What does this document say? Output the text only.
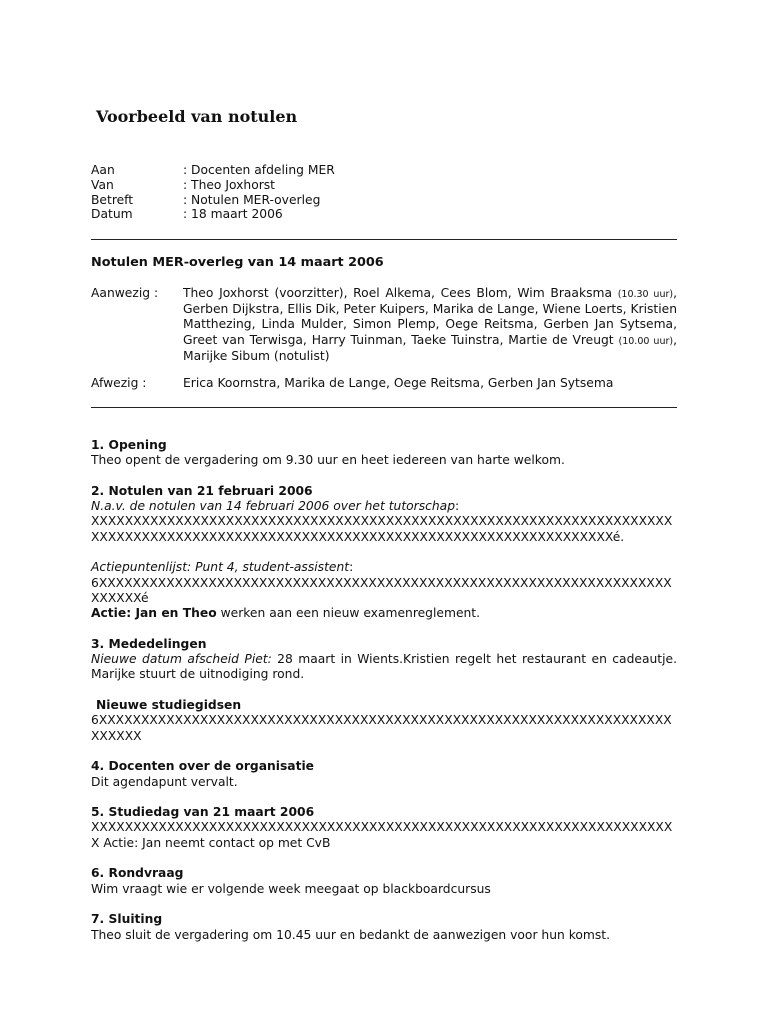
Voorbeeld van notulen
Aan	: Docenten afdeling MER
Van	: Theo Joxhorst
Betreft	: Notulen MER-overleg
Datum	: 18 maart 2006
Notulen MER-overleg van 14 maart 2006
Aanwezig :	Theo Joxhorst (voorzitter), Roel Alkema, Cees Blom, Wim Braaksma (10.30 uur), Gerben Dijkstra, Ellis Dik, Peter Kuipers, Marika de Lange, Wiene Loerts, Kristien Matthezing, Linda Mulder, Simon Plemp, Oege Reitsma, Gerben Jan Sytsema, Greet van Terwisga, Harry Tuinman, Taeke Tuinstra, Martie de Vreugt (10.00 uur), Marijke Sibum (notulist)
Afwezig :	Erica Koornstra, Marika de Lange, Oege Reitsma, Gerben Jan Sytsema

1. Opening

Theo opent de vergadering om 9.30 uur en heet iedereen van harte welkom.

2. Notulen van 21 februari 2006

N.a.v. de notulen van 14 februari 2006 over het tutorschap:

XXXXXXXXXXXXXXXXXXXXXXXXXXXXXXXXXXXXXXXXXXXXXXXXXXXXXXXXXXXXXXXXXXXXXXXXXXXXXXXXXXXXXXXXXXXXXXXXXXXXXXXXXXXXXXXXXXXXXXXXXXXXXXXXXXXé.

Actiepuntenlijst: Punt 4, student-assistent:

6XXXXXXXXXXXXXXXXXXXXXXXXXXXXXXXXXXXXXXXXXXXXXXXXXXXXXXXXXXXXXXXXXXXXXXXXXXé

Actie: Jan en Theo werken aan een nieuw examenreglement.

3. Mededelingen

Nieuwe datum afscheid Piet: 28 maart in Wients.Kristien regelt het restaurant en cadeautje. Marijke stuurt de uitnodiging rond.

Nieuwe studiegidsen

6XXXXXXXXXXXXXXXXXXXXXXXXXXXXXXXXXXXXXXXXXXXXXXXXXXXXXXXXXXXXXXXXXXXXXXXXXX

4. Docenten over de organisatie

Dit agendapunt vervalt.

5. Studiedag van 21 maart 2006

XXXXXXXXXXXXXXXXXXXXXXXXXXXXXXXXXXXXXXXXXXXXXXXXXXXXXXXXXXXXXXXXXXXXXX Actie: Jan neemt contact op met CvB

6. Rondvraag

Wim vraagt wie er volgende week meegaat op blackboardcursus

7. Sluiting

Theo sluit de vergadering om 10.45 uur en bedankt de aanwezigen voor hun komst.
